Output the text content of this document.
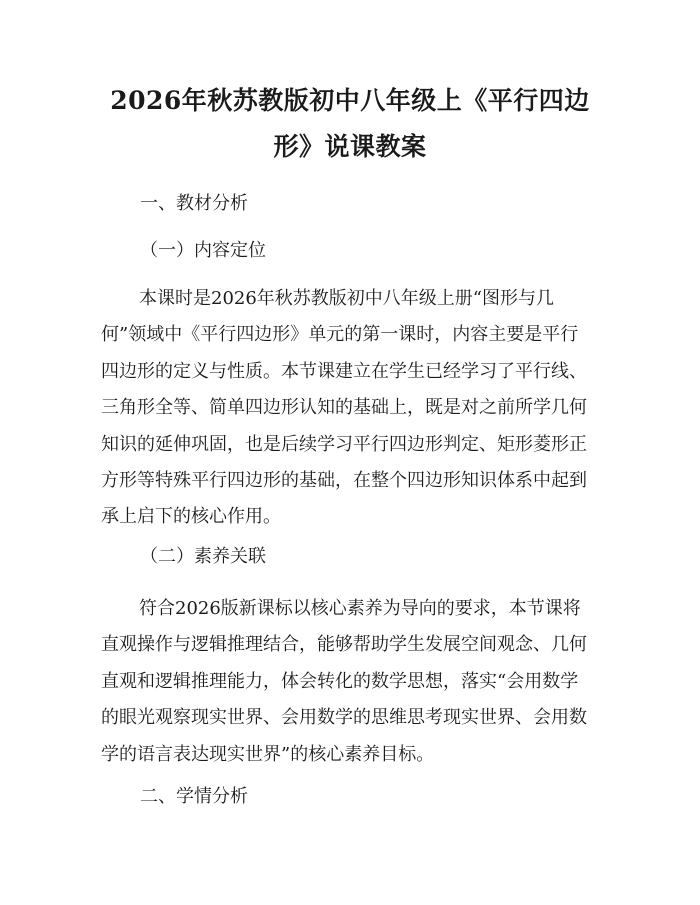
2026年秋苏教版初中八年级上《平行四边
形》说课教案
一、教材分析
（一）内容定位
本课时是2026年秋苏教版初中八年级上册“图形与几
何”领域中《平行四边形》单元的第一课时，内容主要是平行
四边形的定义与性质。本节课建立在学生已经学习了平行线、
三角形全等、简单四边形认知的基础上，既是对之前所学几何
知识的延伸巩固，也是后续学习平行四边形判定、矩形菱形正
方形等特殊平行四边形的基础，在整个四边形知识体系中起到
承上启下的核心作用。
（二）素养关联
符合2026版新课标以核心素养为导向的要求，本节课将
直观操作与逻辑推理结合，能够帮助学生发展空间观念、几何
直观和逻辑推理能力，体会转化的数学思想，落实“会用数学
的眼光观察现实世界、会用数学的思维思考现实世界、会用数
学的语言表达现实世界”的核心素养目标。
二、学情分析
